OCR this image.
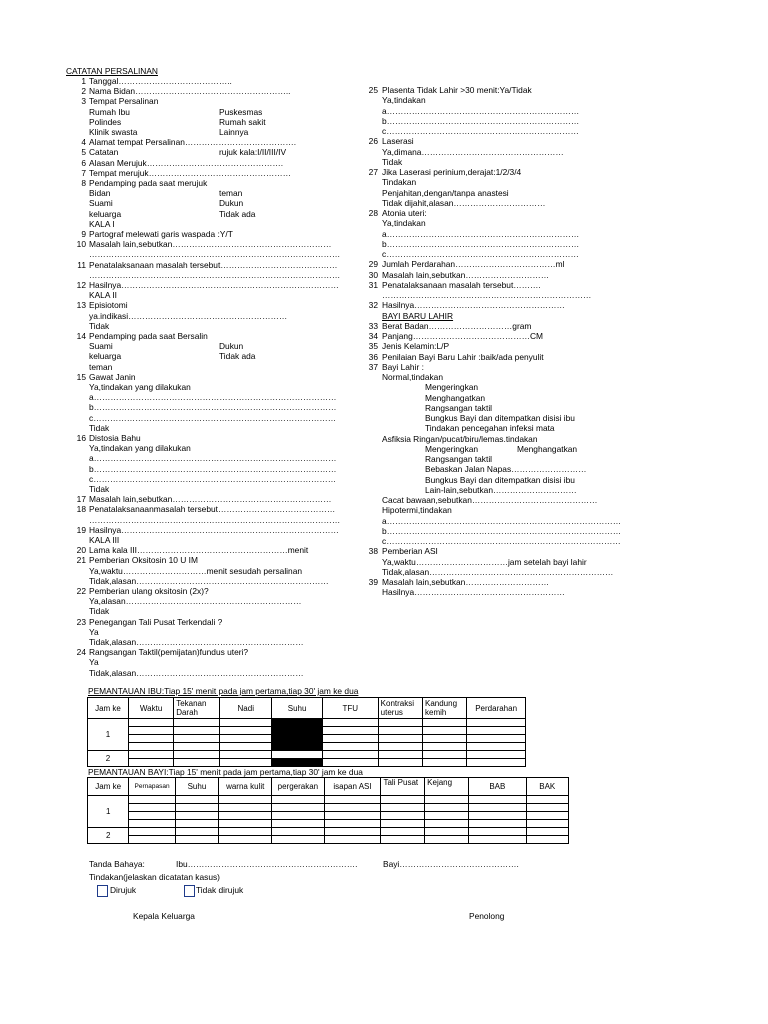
CATATAN PERSALINAN
1 Tanggal…………………………………..
2 Nama Bidan………………………………………………..
3 Tempat Persalinan
Rumah Ibu	Puskesmas
Polindes	Rumah sakit
Klinik swasta	Lainnya
4 Alamat tempat Persalinan………………………………….
5 Catatan	rujuk kala:I/II/III/IV
6 Alasan Merujuk………………………………………….
7 Tempat merujuk……………………………………………
8 Pendamping pada saat merujuk
Bidan	teman
Suami	Dukun
keluarga	Tidak ada
KALA I
9 Partograf melewati garis waspada :Y/T
10 Masalah lain,sebutkan…………………………………………………
………………………………………………………………………………
11 Penatalaksanaan masalah tersebut……………………………………
………………………………………………………………………………
12 Hasilnya……………………………………………………………………
KALA II
13 Episiotomi
ya.indikasi…………………………………………………
Tidak
14 Pendamping pada saat Bersalin
Suami	Dukun
keluarga	Tidak ada
teman
15 Gawat Janin
Ya,tindakan yang dilakukan
a……………………………………………………………………………
b……………………………………………………………………………
c……………………………………………………………………………
Tidak
16 Distosia Bahu
Ya,tindakan yang dilakukan
a……………………………………………………………………………
b……………………………………………………………………………
c……………………………………………………………………………
Tidak
17 Masalah lain,sebutkan…………………………………………………
18 Penatalaksanaanmasalah tersebut……………………………………
………………………………………………………………………………
19 Hasilnya……………………………………………………………………
KALA III
20 Lama kala III………………………………………………menit
21 Pemberian Oksitosin 10 U IM
Ya,waktu…………………………menit sesudah persalinan
Tidak,alasan……………………………………………………………
22 Pemberian ulang oksitosin (2x)?
Ya,alasan………………………………………………………
Tidak
23 Penegangan Tali Pusat Terkendali ?
Ya
Tidak,alasan……………………………………………………
24 Rangsangan Taktil(pemijatan)fundus uteri?
Ya
Tidak,alasan……………………………………………………
25 Plasenta Tidak Lahir >30 menit:Ya/Tidak
Ya,tindakan
a……………………………………………………………
b……………………………………………………………
c……………………………………………………………
26 Laserasi
Ya,dimana……………………………………………
Tidak
27 Jika Laserasi perinium,derajat:1/2/3/4
Tindakan
Penjahitan,dengan/tanpa anastesi
Tidak dijahit,alasan……………………………
28 Atonia uteri:
Ya,tindakan
a……………………………………………………………
b……………………………………………………………
c……………………………………………………………
29 Jumlah Perdarahan………………………………ml
30 Masalah lain,sebutkan…………………………
31 Penatalaksanaan masalah tersebut……….
…………………………………………………………………
32 Hasilnya………………………………………………
BAYI BARU LAHIR
33 Berat Badan…………………………gram
34 Panjang……………………………………CM
35 Jenis Kelamin:L/P
36 Penilaian Bayi Baru Lahir :baik/ada penyulit
37 Bayi Lahir :
Normal,tindakan
Mengeringkan
Menghangatkan
Rangsangan taktil
Bungkus Bayi dan ditempatkan disisi ibu
Tindakan pencegahan infeksi mata
Asfiksia Ringan/pucat/biru/lemas.tindakan
Mengeringkan	Menghangatkan
Rangsangan taktil
Bebaskan Jalan Napas………………………
Bungkus Bayi dan ditempatkan disisi ibu
Lain-lain,sebutkan…………………………
Cacat bawaan,sebutkan………………………………………
Hipotermi,tindakan
a…………………………………………………………………………
b…………………………………………………………………………
c…………………………………………………………………………
38 Pemberian ASI
Ya,waktu……………………………jam setelah bayi lahir
Tidak,alasan…………………………………………………………
39 Masalah lain,sebutkan…………………………
Hasilnya………………………………………………
PEMANTAUAN IBU:Tiap 15' menit pada jam pertama,tiap 30' jam ke dua
Jam ke	Waktu	Tekanan Darah	Nadi	Suhu	TFU	Kontraksi uterus	Kandung kemih	Perdarahan
1								

2								

PEMANTAUAN BAYI:Tiap 15' menit pada jam pertama,tiap 30' jam ke dua
Jam ke	Pernapasan	Suhu	warna kulit	pergerakan	isapan ASI	Tali Pusat	Kejang	BAB	BAK
1									

2									

Tanda Bahaya:	Ibu…………………………………………………….	Bayi…………………………………….
Tindakan(jelaskan dicatatan kasus)
Dirujuk	Tidak dirujuk
Kepala Keluarga	Penolong
